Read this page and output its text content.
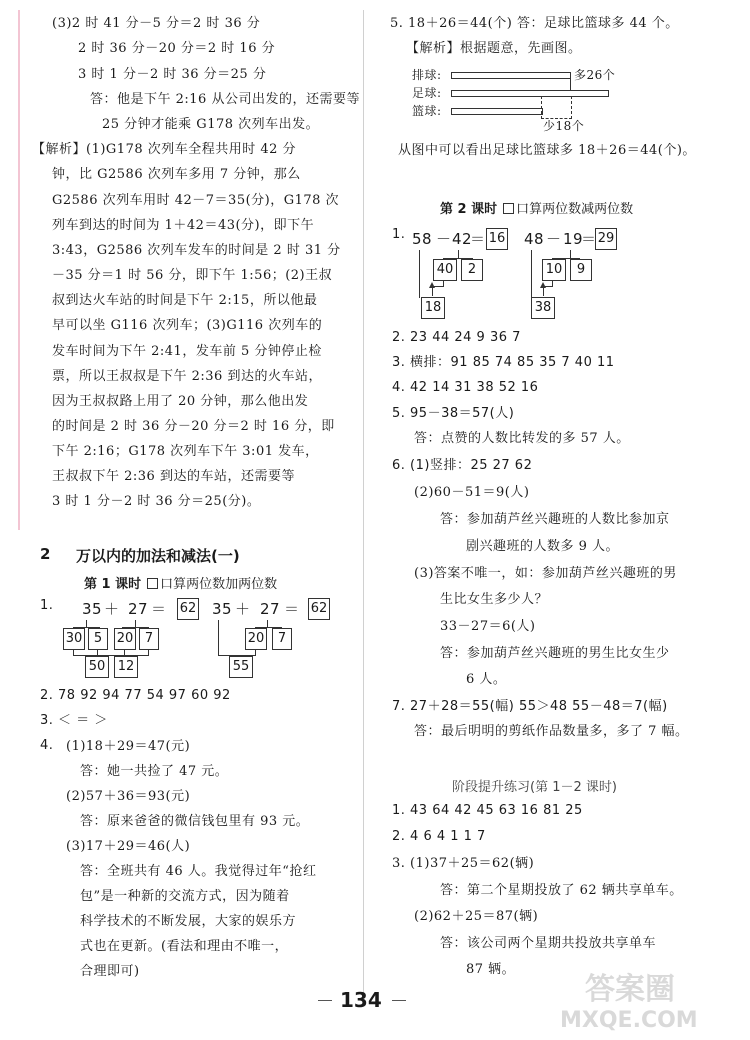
(3)2 时 41 分－5 分＝2 时 36 分
2 时 36 分－20 分＝2 时 16 分
3 时 1 分－2 时 36 分＝25 分
答：他是下午 2:16 从公司出发的，还需要等
25 分钟才能乘 G178 次列车出发。
【解析】(1)G178 次列车全程共用时 42 分
钟，比 G2586 次列车多用 7 分钟，那么
G2586 次列车用时 42－7＝35(分)，G178 次
列车到达的时间为 1＋42＝43(分)，即下午
3:43，G2586 次列车发车的时间是 2 时 31 分
－35 分＝1 时 56 分，即下午 1:56；(2)王叔
叔到达火车站的时间是下午 2:15，所以他最
早可以坐 G116 次列车；(3)G116 次列车的
发车时间为下午 2:41，发车前 5 分钟停止检
票，所以王叔叔是下午 2:36 到达的火车站，
因为王叔叔路上用了 20 分钟，那么他出发
的时间是 2 时 36 分－20 分＝2 时 16 分，即
下午 2:16；G178 次列车下午 3:01 发车，
王叔叔下午 2:36 到达的车站，还需要等
3 时 1 分－2 时 36 分＝25(分)。
2 万以内的加法和减法(一)
第 1 课时 口算两位数加两位数
1. 35 ＋ 27 ＝ 62
30 5	20 7
50 12
35 ＋ 27 ＝ 62
20	7
55
2. 78 92 94 77 54 97 60 92
3. ＜ ＝ ＞
4. (1)18＋29＝47(元)
答：她一共捡了 47 元。
(2)57＋36＝93(元)
答：原来爸爸的微信钱包里有 93 元。
(3)17＋29＝46(人)
答：全班共有 46 人。我觉得过年“抢红
包”是一种新的交流方式，因为随着
科学技术的不断发展，大家的娱乐方
式也在更新。(看法和理由不唯一，
合理即可)
5. 18＋26＝44(个) 答：足球比篮球多 44 个。
【解析】根据题意，先画图。
排球:
足球:
篮球:
多26个
少18个
从图中可以看出足球比篮球多 18＋26＝44(个)。
第 2 课时 口算两位数减两位数
1. 58 － 42
＝ 16
40	2
18
48 － 19
＝ 29
10	9
38
2. 23 44 24 9 36 7
3. 横排：91 85 74 85 35 7 40 11
4. 42 14 31 38 52 16
5. 95－38＝57(人)
答：点赞的人数比转发的多 57 人。
6. (1)竖排：25 27 62
(2)60－51＝9(人)
答：参加葫芦丝兴趣班的人数比参加京
剧兴趣班的人数多 9 人。
(3)答案不唯一，如：参加葫芦丝兴趣班的男
生比女生多少人？
33－27＝6(人)
答：参加葫芦丝兴趣班的男生比女生少
6 人。
7. 27＋28＝55(幅) 55＞48 55－48＝7(幅)
答：最后明明的剪纸作品数量多，多了 7 幅。
阶段提升练习(第 1－2 课时)
1. 43 64 42 45 63 16 81 25
2. 4 6 4 1 1 7
3. (1)37＋25＝62(辆)
答：第二个星期投放了 62 辆共享单车。
(2)62＋25＝87(辆)
答：该公司两个星期共投放共享单车
87 辆。
134	答案圈
MXQE.COM
